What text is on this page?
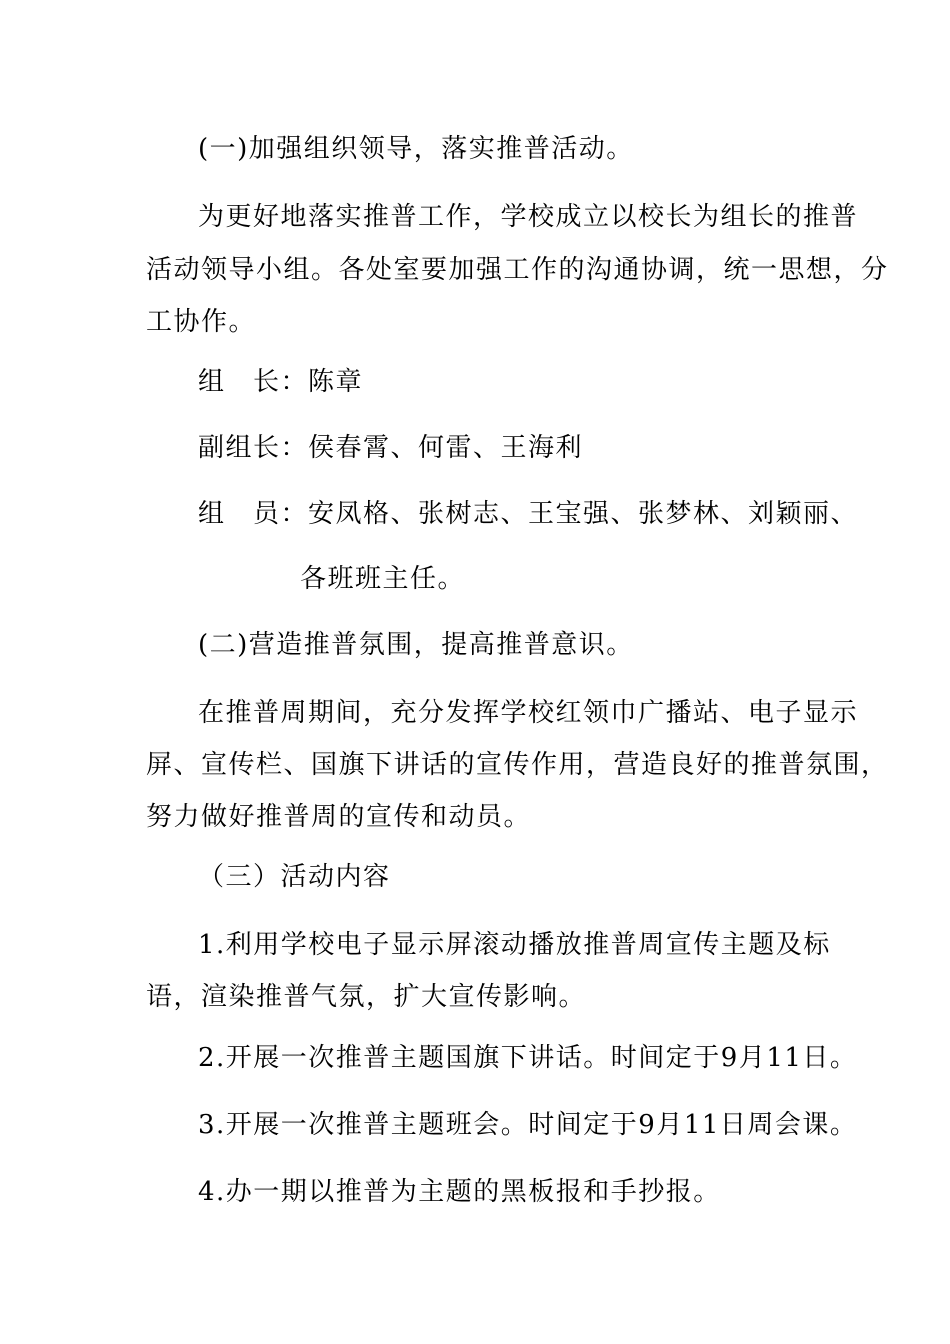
(一)加强组织领导，落实推普活动。
为更好地落实推普工作，学校成立以校长为组长的推普
活动领导小组。各处室要加强工作的沟通协调，统一思想，分
工协作。
组　长：陈章
副组长：侯春霄、何雷、王海利
组　员：安凤格、张树志、王宝强、张梦林、刘颖丽、
各班班主任。
(二)营造推普氛围，提高推普意识。
在推普周期间，充分发挥学校红领巾广播站、电子显示
屏、宣传栏、国旗下讲话的宣传作用，营造良好的推普氛围，
努力做好推普周的宣传和动员。
（三）活动内容
1.利用学校电子显示屏滚动播放推普周宣传主题及标
语，渲染推普气氛，扩大宣传影响。
2.开展一次推普主题国旗下讲话。时间定于9月11日。
3.开展一次推普主题班会。时间定于9月11日周会课。
4.办一期以推普为主题的黑板报和手抄报。
